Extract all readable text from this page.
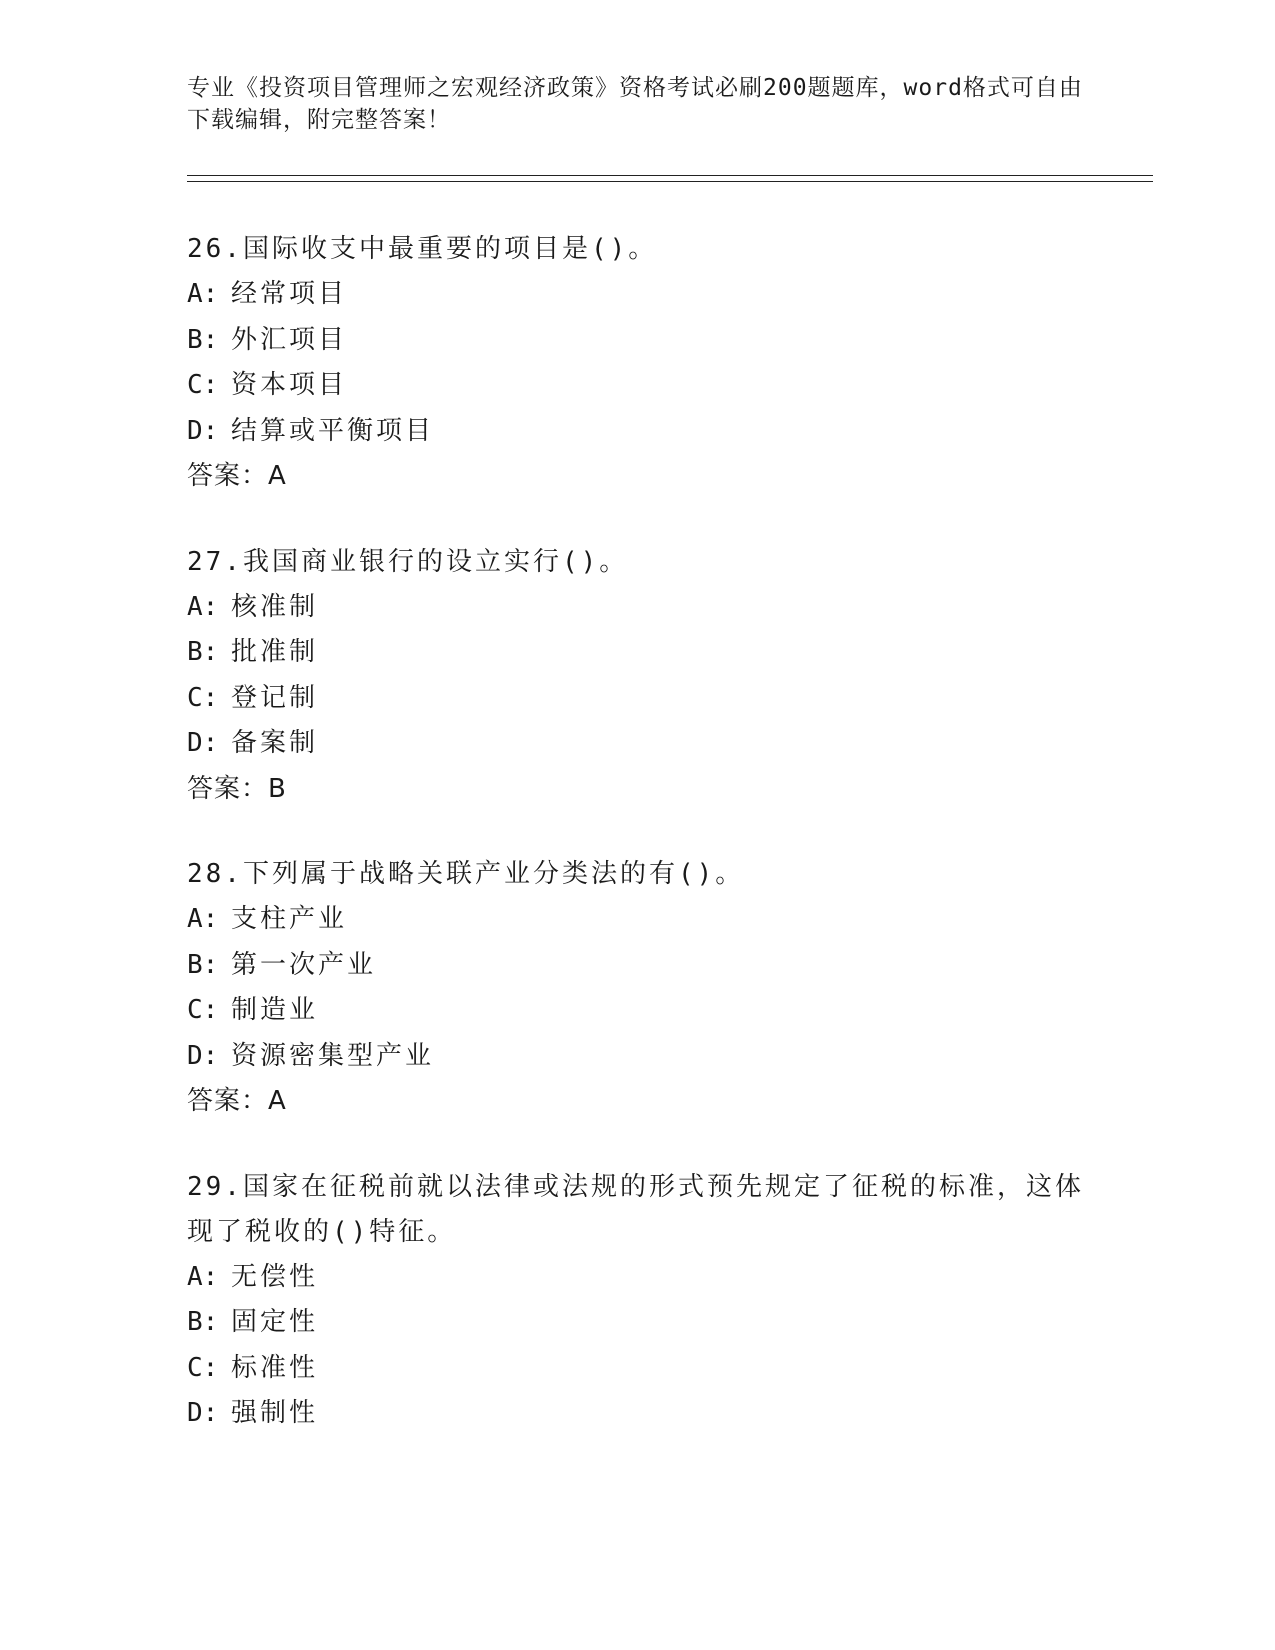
专业《投资项目管理师之宏观经济政策》资格考试必刷200题题库，word格式可自由下载编辑，附完整答案！
26.国际收支中最重要的项目是()。
A: 经常项目
B: 外汇项目
C: 资本项目
D: 结算或平衡项目
答案：A
27.我国商业银行的设立实行()。
A: 核准制
B: 批准制
C: 登记制
D: 备案制
答案：B
28.下列属于战略关联产业分类法的有()。
A: 支柱产业
B: 第一次产业
C: 制造业
D: 资源密集型产业
答案：A
29.国家在征税前就以法律或法规的形式预先规定了征税的标准，这体现了税收的()特征。
A: 无偿性
B: 固定性
C: 标准性
D: 强制性
